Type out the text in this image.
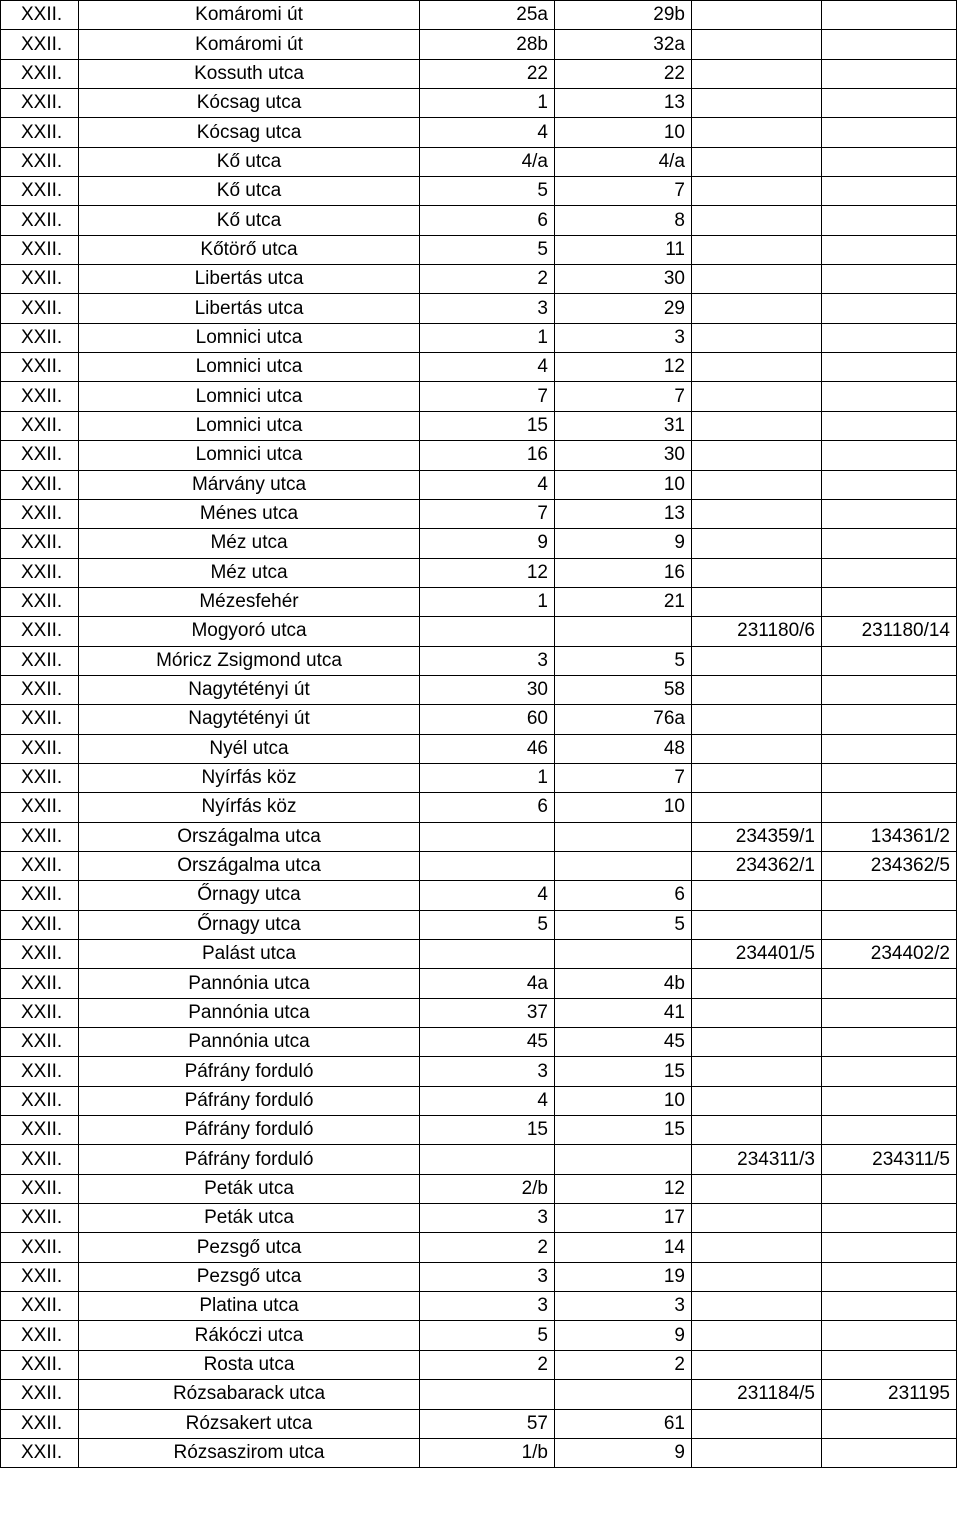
XXII.	Komáromi út	25a	29b		
XXII.	Komáromi út	28b	32a		
XXII.	Kossuth utca	22	22		
XXII.	Kócsag utca	1	13		
XXII.	Kócsag utca	4	10		
XXII.	Kő utca	4/a	4/a		
XXII.	Kő utca	5	7		
XXII.	Kő utca	6	8		
XXII.	Kőtörő utca	5	11		
XXII.	Libertás utca	2	30		
XXII.	Libertás utca	3	29		
XXII.	Lomnici utca	1	3		
XXII.	Lomnici utca	4	12		
XXII.	Lomnici utca	7	7		
XXII.	Lomnici utca	15	31		
XXII.	Lomnici utca	16	30		
XXII.	Márvány utca	4	10		
XXII.	Ménes utca	7	13		
XXII.	Méz utca	9	9		
XXII.	Méz utca	12	16		
XXII.	Mézesfehér	1	21		
XXII.	Mogyoró utca			231180/6	231180/14
XXII.	Móricz Zsigmond utca	3	5		
XXII.	Nagytétényi út	30	58		
XXII.	Nagytétényi út	60	76a		
XXII.	Nyél utca	46	48		
XXII.	Nyírfás köz	1	7		
XXII.	Nyírfás köz	6	10		
XXII.	Országalma utca			234359/1	134361/2
XXII.	Országalma utca			234362/1	234362/5
XXII.	Őrnagy utca	4	6		
XXII.	Őrnagy utca	5	5		
XXII.	Palást utca			234401/5	234402/2
XXII.	Pannónia utca	4a	4b		
XXII.	Pannónia utca	37	41		
XXII.	Pannónia utca	45	45		
XXII.	Páfrány forduló	3	15		
XXII.	Páfrány forduló	4	10		
XXII.	Páfrány forduló	15	15		
XXII.	Páfrány forduló			234311/3	234311/5
XXII.	Peták utca	2/b	12		
XXII.	Peták utca	3	17		
XXII.	Pezsgő utca	2	14		
XXII.	Pezsgő utca	3	19		
XXII.	Platina utca	3	3		
XXII.	Rákóczi utca	5	9		
XXII.	Rosta utca	2	2		
XXII.	Rózsabarack utca			231184/5	231195
XXII.	Rózsakert utca	57	61		
XXII.	Rózsaszirom utca	1/b	9		
